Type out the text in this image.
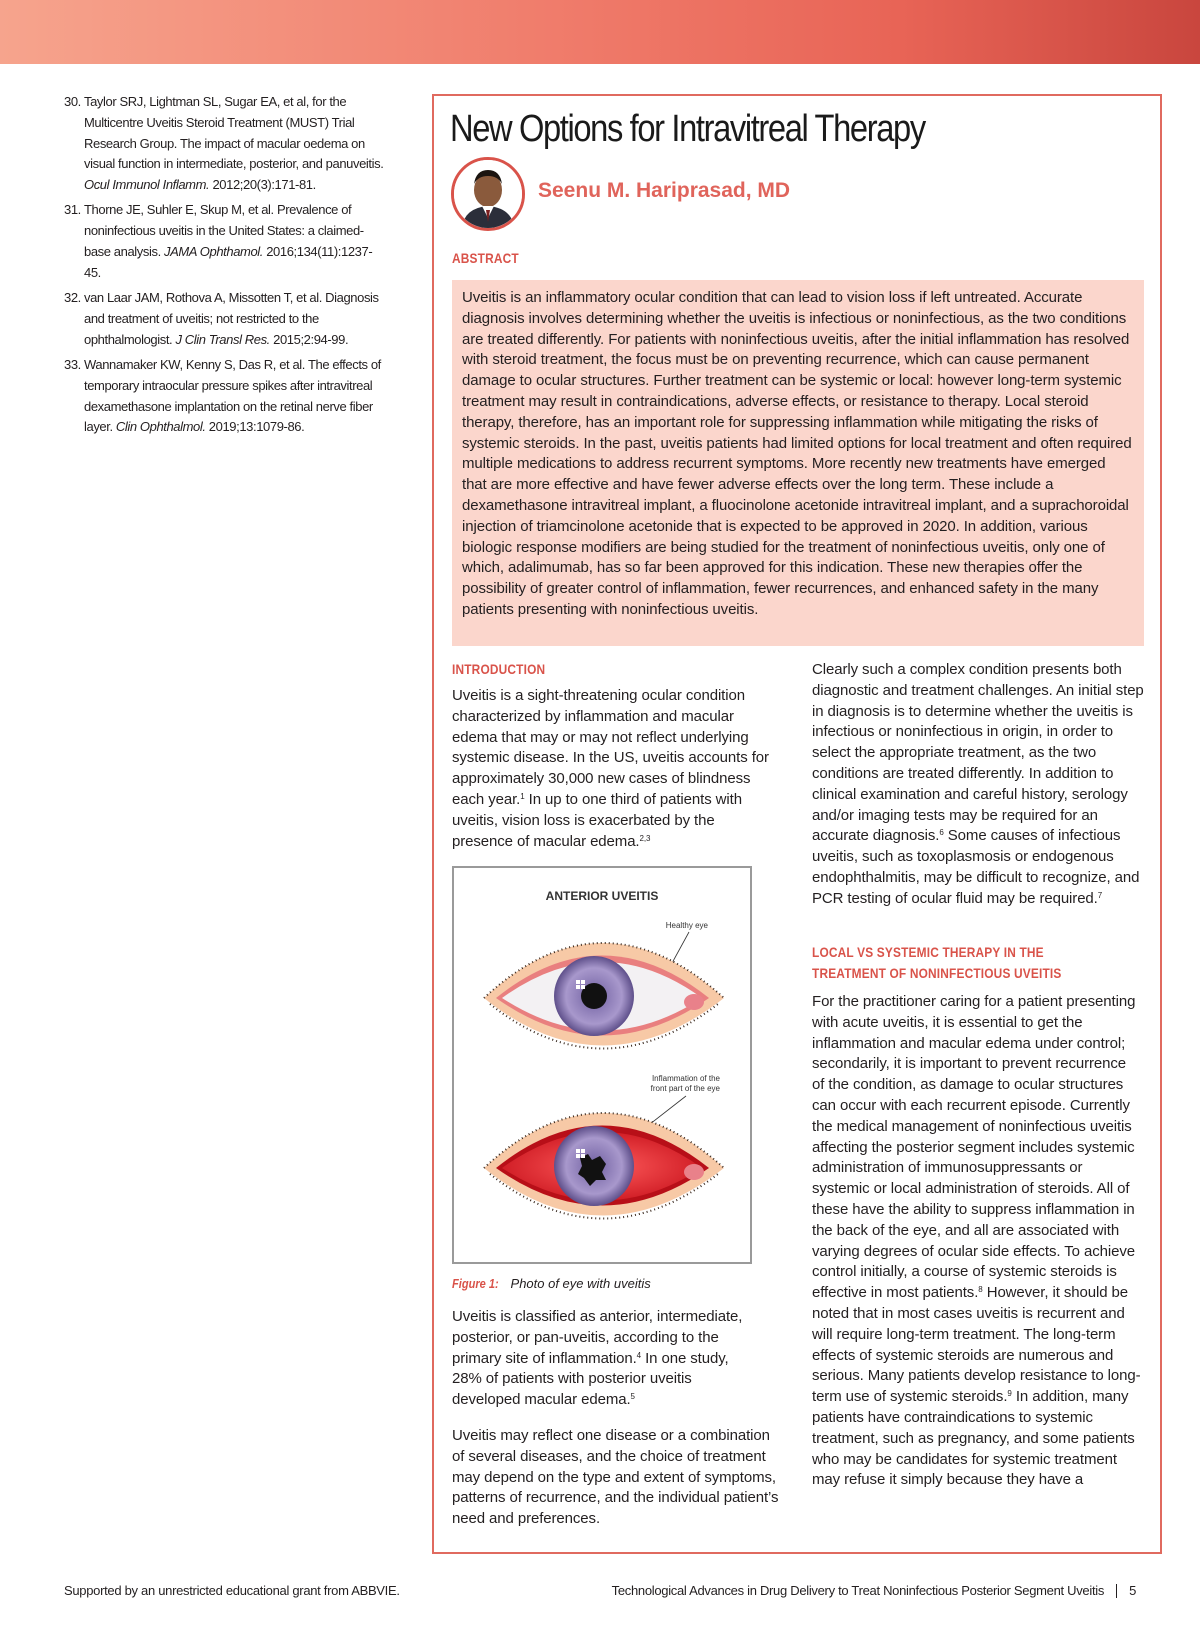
30. Taylor SRJ, Lightman SL, Sugar EA, et al, for the Multicentre Uveitis Steroid Treatment (MUST) Trial Research Group. The impact of macular oedema on visual function in intermediate, posterior, and panuveitis. Ocul Immunol Inflamm. 2012;20(3):171-81.
31. Thorne JE, Suhler E, Skup M, et al. Prevalence of noninfectious uveitis in the United States: a claimed-base analysis. JAMA Ophthamol. 2016;134(11):1237-45.
32. van Laar JAM, Rothova A, Missotten T, et al. Diagnosis and treatment of uveitis; not restricted to the ophthalmologist. J Clin Transl Res. 2015;2:94-99.
33. Wannamaker KW, Kenny S, Das R, et al. The effects of temporary intraocular pressure spikes after intravitreal dexamethasone implantation on the retinal nerve fiber layer. Clin Ophthalmol. 2019;13:1079-86.
New Options for Intravitreal Therapy

Seenu M. Hariprasad, MD

ABSTRACT

Uveitis is an inflammatory ocular condition that can lead to vision loss if left untreated. Accurate diagnosis involves determining whether the uveitis is infectious or noninfectious, as the two conditions are treated differently. For patients with noninfectious uveitis, after the initial inflammation has resolved with steroid treatment, the focus must be on preventing recurrence, which can cause permanent damage to ocular structures. Further treatment can be systemic or local: however long-term systemic treatment may result in contraindications, adverse effects, or resistance to therapy. Local steroid therapy, therefore, has an important role for suppressing inflammation while mitigating the risks of systemic steroids. In the past, uveitis patients had limited options for local treatment and often required multiple medications to address recurrent symptoms. More recently new treatments have emerged that are more effective and have fewer adverse effects over the long term. These include a dexamethasone intravitreal implant, a fluocinolone acetonide intravitreal implant, and a suprachoroidal injection of triamcinolone acetonide that is expected to be approved in 2020. In addition, various biologic response modifiers are being studied for the treatment of noninfectious uveitis, only one of which, adalimumab, has so far been approved for this indication. These new therapies offer the possibility of greater control of inflammation, fewer recurrences, and enhanced safety in the many patients presenting with noninfectious uveitis.

INTRODUCTION

Uveitis is a sight-threatening ocular condition characterized by inflammation and macular edema that may or may not reflect underlying systemic disease. In the US, uveitis accounts for approximately 30,000 new cases of blindness each year.$^1$ In up to one third of patients with uveitis, vision loss is exacerbated by the presence of macular edema.$^{2,3}$

ANTERIOR UVEITIS
Healthy eye
Inflammation of the
front part of the eye

Figure 1: Photo of eye with uveitis

Uveitis is classified as anterior, intermediate, posterior, or pan-uveitis, according to the primary site of inflammation.$^4$ In one study, 28% of patients with posterior uveitis developed macular edema.$^5$

Uveitis may reflect one disease or a combination of several diseases, and the choice of treatment may depend on the type and extent of symptoms, patterns of recurrence, and the individual patient’s need and preferences.

Clearly such a complex condition presents both diagnostic and treatment challenges. An initial step in diagnosis is to determine whether the uveitis is infectious or noninfectious in origin, in order to select the appropriate treatment, as the two conditions are treated differently. In addition to clinical examination and careful history, serology and/or imaging tests may be required for an accurate diagnosis.$^6$ Some causes of infectious uveitis, such as toxoplasmosis or endogenous endophthalmitis, may be difficult to recognize, and PCR testing of ocular fluid may be required.$^7$

LOCAL VS SYSTEMIC THERAPY IN THE

TREATMENT OF NONINFECTIOUS UVEITIS

For the practitioner caring for a patient presenting with acute uveitis, it is essential to get the inflammation and macular edema under control; secondarily, it is important to prevent recurrence of the condition, as damage to ocular structures can occur with each recurrent episode. Currently the medical management of noninfectious uveitis affecting the posterior segment includes systemic administration of immunosuppressants or systemic or local administration of steroids. All of these have the ability to suppress inflammation in the back of the eye, and all are associated with varying degrees of ocular side effects. To achieve control initially, a course of systemic steroids is effective in most patients.$^8$ However, it should be noted that in most cases uveitis is recurrent and will require long-term treatment. The long-term effects of systemic steroids are numerous and serious. Many patients develop resistance to long-term use of systemic steroids.$^9$ In addition, many patients have contraindications to systemic treatment, such as pregnancy, and some patients who may be candidates for systemic treatment may refuse it simply because they have a

Supported by an unrestricted educational grant from ABBVIE.	Technological Advances in Drug Delivery to Treat Noninfectious Posterior Segment Uveitis 5
